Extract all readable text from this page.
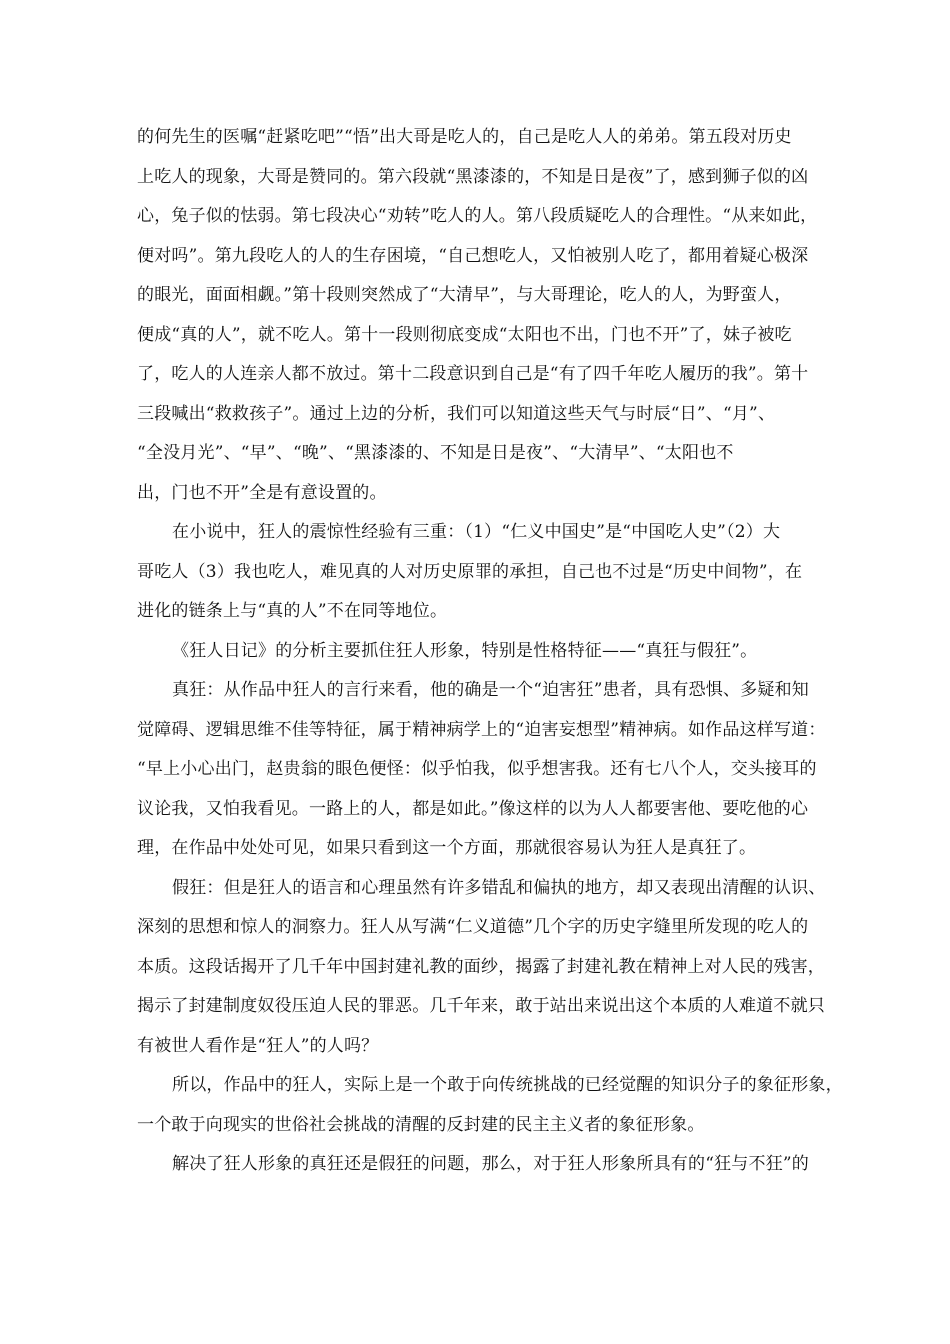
的何先生的医嘱“赶紧吃吧”“悟”出大哥是吃人的，自己是吃人人的弟弟。第五段对历史
上吃人的现象，大哥是赞同的。第六段就“黑漆漆的，不知是日是夜”了，感到狮子似的凶
心，兔子似的怯弱。第七段决心“劝转”吃人的人。第八段质疑吃人的合理性。“从来如此，
便对吗”。第九段吃人的人的生存困境，“自己想吃人，又怕被别人吃了，都用着疑心极深
的眼光，面面相觑。”第十段则突然成了“大清早”，与大哥理论，吃人的人，为野蛮人，
便成“真的人”，就不吃人。第十一段则彻底变成“太阳也不出，门也不开”了，妹子被吃
了，吃人的人连亲人都不放过。第十二段意识到自己是“有了四千年吃人履历的我”。第十
三段喊出“救救孩子”。通过上边的分析，我们可以知道这些天气与时辰“日”、“月”、
“全没月光”、“早”、“晚”、“黑漆漆的、不知是日是夜”、“大清早”、“太阳也不
出，门也不开”全是有意设置的。
在小说中，狂人的震惊性经验有三重：（1）“仁义中国史”是“中国吃人史”（2）大
哥吃人（3）我也吃人，难见真的人对历史原罪的承担，自己也不过是“历史中间物”，在
进化的链条上与“真的人”不在同等地位。
《狂人日记》的分析主要抓住狂人形象，特别是性格特征——“真狂与假狂”。
真狂：从作品中狂人的言行来看，他的确是一个“迫害狂”患者，具有恐惧、多疑和知
觉障碍、逻辑思维不佳等特征，属于精神病学上的“迫害妄想型”精神病。如作品这样写道：
“早上小心出门，赵贵翁的眼色便怪：似乎怕我，似乎想害我。还有七八个人，交头接耳的
议论我，又怕我看见。一路上的人，都是如此。”像这样的以为人人都要害他、要吃他的心
理，在作品中处处可见，如果只看到这一个方面，那就很容易认为狂人是真狂了。
假狂：但是狂人的语言和心理虽然有许多错乱和偏执的地方，却又表现出清醒的认识、
深刻的思想和惊人的洞察力。狂人从写满“仁义道德”几个字的历史字缝里所发现的吃人的
本质。这段话揭开了几千年中国封建礼教的面纱，揭露了封建礼教在精神上对人民的残害，
揭示了封建制度奴役压迫人民的罪恶。几千年来，敢于站出来说出这个本质的人难道不就只
有被世人看作是“狂人”的人吗？
所以，作品中的狂人，实际上是一个敢于向传统挑战的已经觉醒的知识分子的象征形象，
一个敢于向现实的世俗社会挑战的清醒的反封建的民主主义者的象征形象。
解决了狂人形象的真狂还是假狂的问题，那么，对于狂人形象所具有的“狂与不狂”的
